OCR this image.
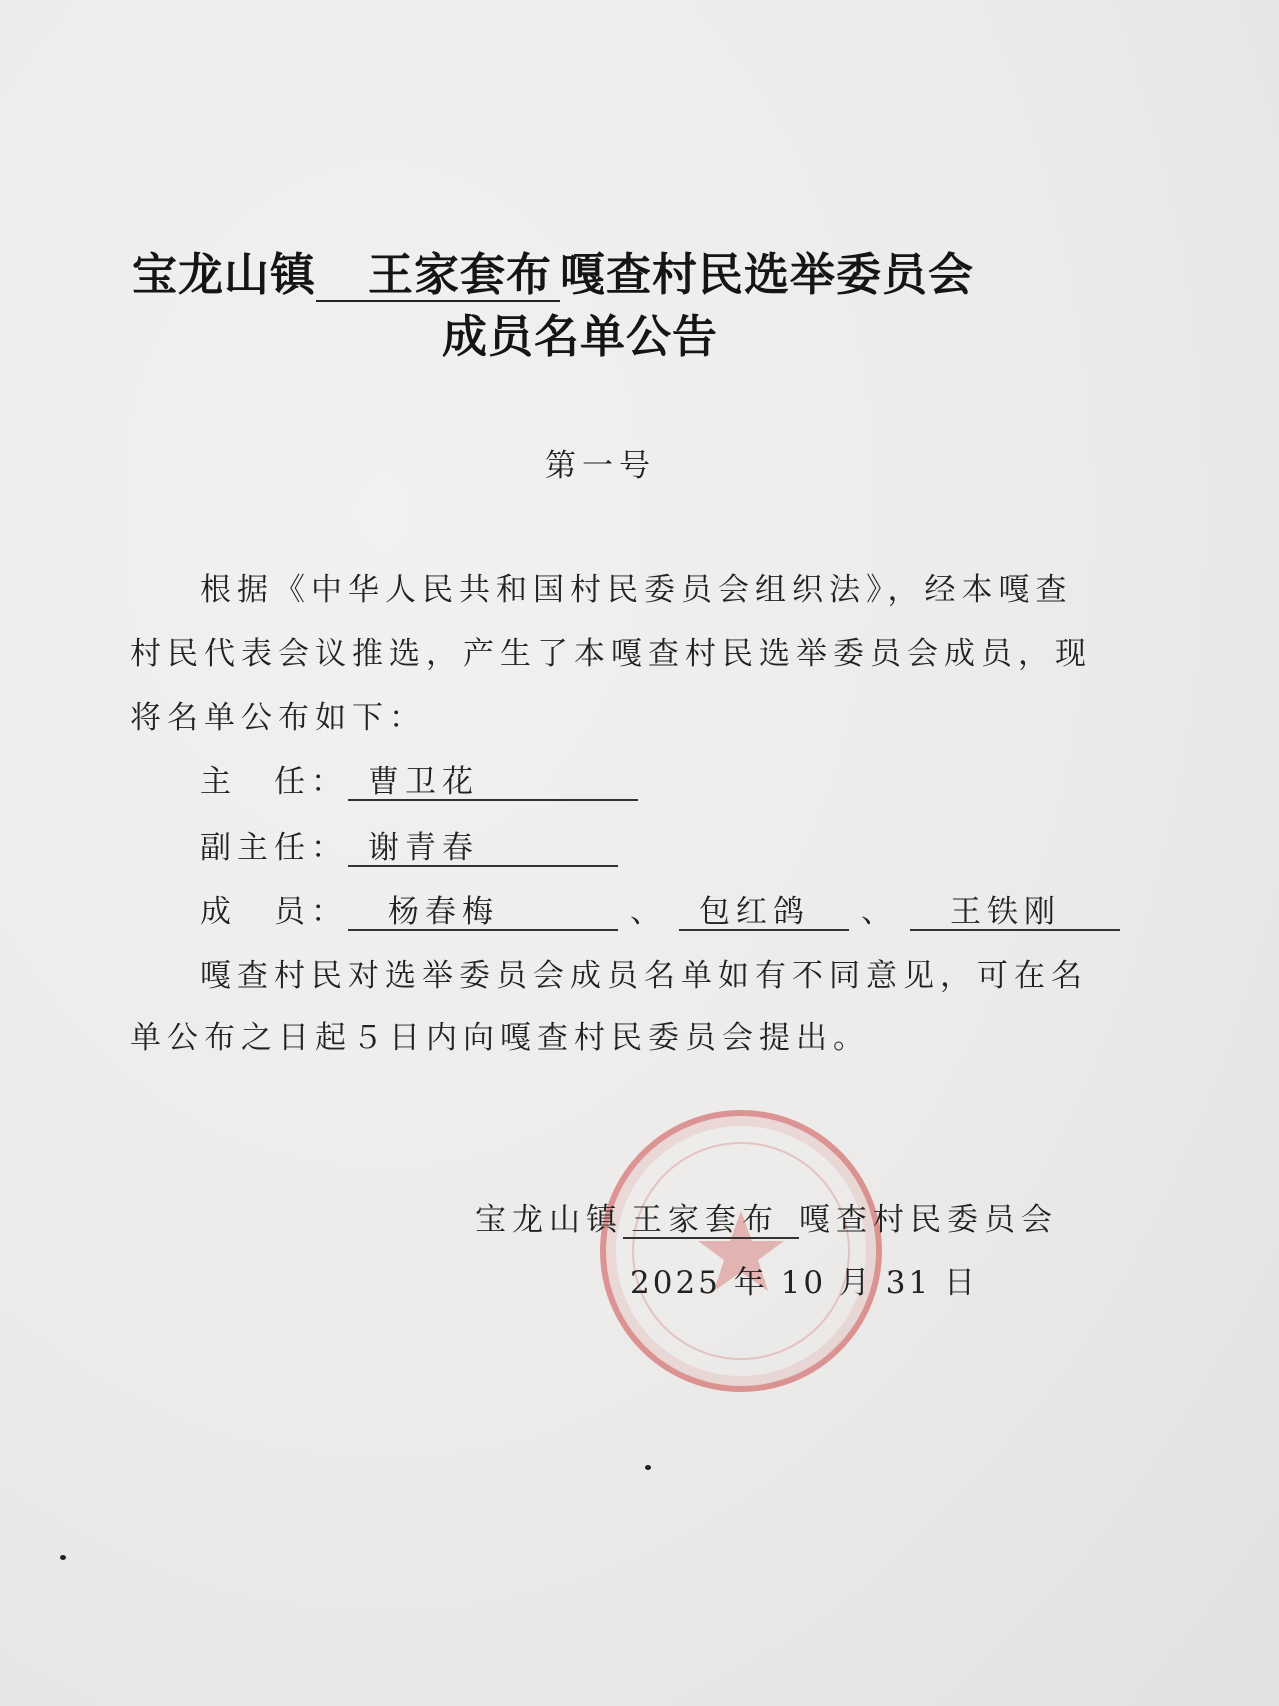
宝龙山镇 王家套布 嘎查村民选举委员会
成员名单公告
第一号
根据《中华人民共和国村民委员会组织法》，经本嘎查
村民代表会议推选，产生了本嘎查村民选举委员会成员，现
将名单公布如下：
主　任： 曹卫花
副主任： 谢青春
成　员： 杨春梅	、 包红鸽 、 王铁刚
嘎查村民对选举委员会成员名单如有不同意见，可在名
单公布之日起５日内向嘎查村民委员会提出。
宝龙山镇 王家套布 嘎查村民委员会
2025 年 10 月 31 日
